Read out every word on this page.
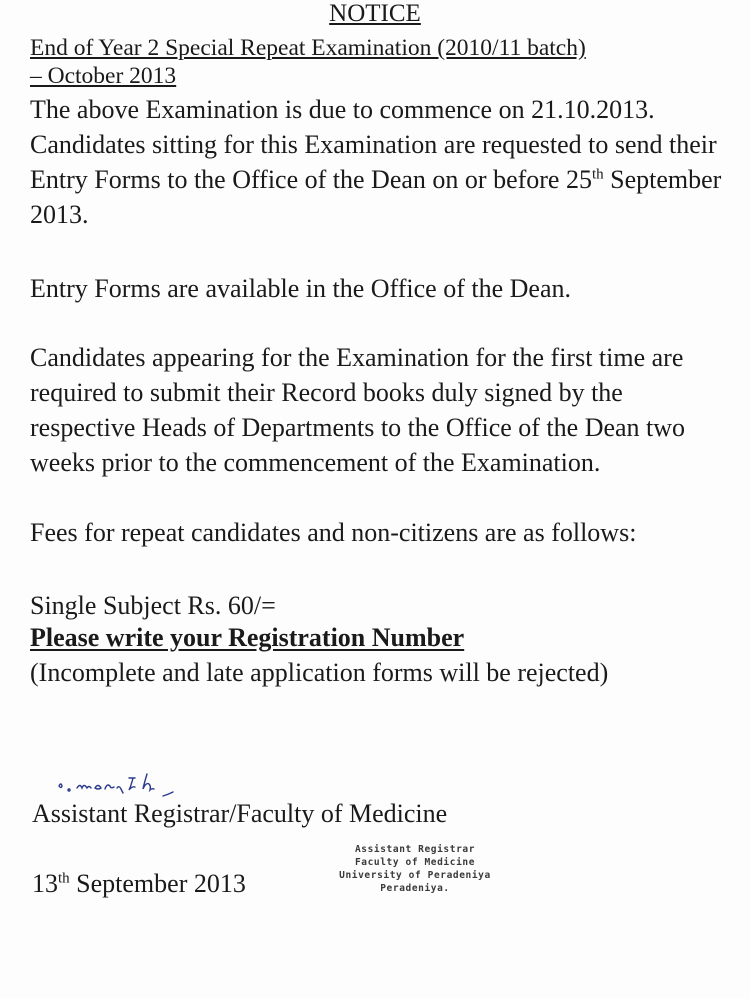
NOTICE
End of Year 2 Special Repeat Examination (2010/11 batch)
– October 2013

The above Examination is due to commence on 21.10.2013. Candidates sitting for this Examination are requested to send their Entry Forms to the Office of the Dean on or before 25th September 2013.

Entry Forms are available in the Office of the Dean.

Candidates appearing for the Examination for the first time are required to submit their Record books duly signed by the respective Heads of Departments to the Office of the Dean two weeks prior to the commencement of the Examination.

Fees for repeat candidates and non-citizens are as follows:

Single Subject Rs. 60/=

Please write your Registration Number

(Incomplete and late application forms will be rejected)

Assistant Registrar/Faculty of Medicine
13th September 2013
Assistant Registrar
Faculty of Medicine
University of Peradeniya
Peradeniya.
